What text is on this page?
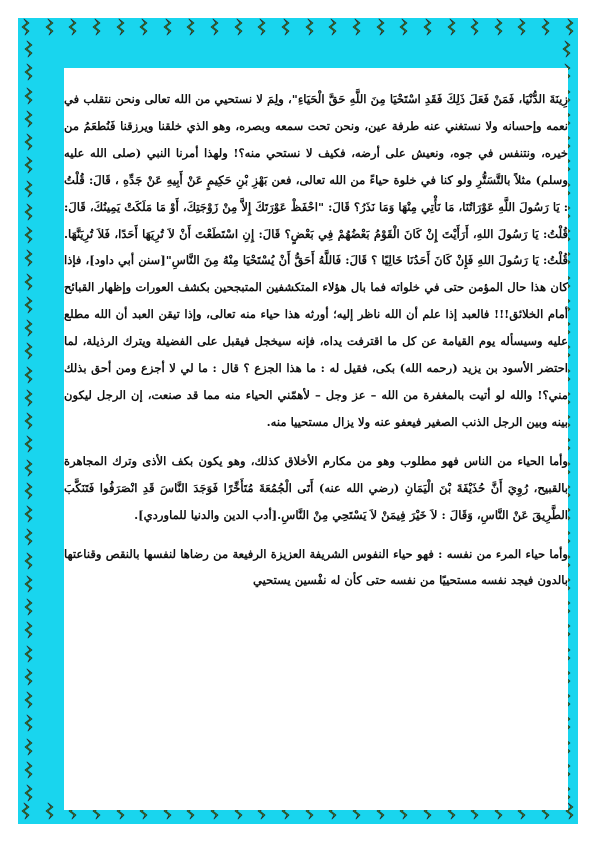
زِينَةَ الدُّنْيَا، فَمَنْ فَعَلَ ذَلِكَ فَقَدِ اسْتَحْيَا مِنَ اللَّهِ حَقَّ الْحَيَاءِ"، ولِمَ لا نستحيي من الله تعالى ونحن نتقلب في نعمه وإحسانه ولا نستغني عنه طرفة عين، ونحن تحت سمعه وبصره، وهو الذي خلقنا ويرزقنا فَنُطعَمُ من خيره، ونتنفس في جوه، ونعيش على أرضه، فكيف لا نستحي منه؟! ولهذا أمرنا النبي (صلى الله عليه وسلم) مثلاً بالتَّسَتُّرِ ولو كنا في خلوة حياءً من الله تعالى، فعن بَهْزِ بْنِ حَكِيمٍ عَنْ أَبِيهِ عَنْ جَدِّهِ ، قَالَ: قُلْتُ : يَا رَسُولَ اللَّهِ عَوْرَاتُنَا، مَا نَأْتِي مِنْهَا وَمَا نَذَرُ؟ قَالَ: "احْفَظْ عَوْرَتَكَ إِلاَّ مِنْ زَوْجَتِكَ، أَوْ مَا مَلَكَتْ يَمِينُكَ، قَالَ: قُلْتُ: يَا رَسُولَ اللهِ، أَرَأَيْتَ إِنْ كَانَ الْقَوْمُ بَعْضُهُمْ فِي بَعْضٍ؟ قَالَ: إِنِ اسْتَطَعْتَ أَنْ لاَ تُرِيَهَا أَحَدًا، فَلاَ تُرِيَنَّهَا. قُلْتُ: يَا رَسُولَ اللهِ فَإِنْ كَانَ أَحَدُنَا خَالِيًا ؟ قَالَ: فَاللَّهُ أَحَقُّ أَنْ يُسْتَحْيَا مِنْهُ مِنَ النَّاسِ"[سنن أبي داود]، فإذا كان هذا حال المؤمن حتى في خلواته فما بال هؤلاء المتكشفين المتبجحين بكشف العورات وإظهار القبائح أمام الخلائق!!! فالعبد إذا علم أن الله ناظر إليه؛ أورثه هذا حياء منه تعالى، وإذا تيقن العبد أن الله مطلع عليه وسيسأله يوم القيامة عن كل ما اقترفت يداه، فإنه سيخجل فيقبل على الفضيلة ويترك الرذيلة، لما احتضر الأسود بن يزيد (رحمه الله) بكى، فقيل له : ما هذا الجزع ؟ قال : ما لي لا أجزع ومن أحق بذلك مني؟! والله لو أتيت بالمغفرة من الله – عز وجل – لأهمّني الحياء منه مما قد صنعت، إن الرجل ليكون بينه وبين الرجل الذنب الصغير فيعفو عنه ولا يزال مستحييا منه.

وأما الحياء من الناس فهو مطلوب وهو من مكارم الأخلاق كذلك، وهو يكون بكف الأذى وترك المجاهرة بالقبيح، رُوِيَ أَنَّ حُذَيْفَةَ بْنَ الْيَمَانِ (رضي الله عنه) أَتَى الْجُمُعَةَ مُتَأَخِّرًا فَوَجَدَ النَّاسَ قَدِ انْصَرَفُوا فَتَنَكَّبَ الطَّرِيقَ عَنْ النَّاسِ، وَقَالَ : لاَ خَيْرَ فِيمَنْ لاَ يَسْتَحِي مِنْ النَّاسِ.[أدب الدين والدنيا للماوردي].

وأما حياء المرء من نفسه : فهو حياء النفوس الشريفة العزيزة الرفيعة من رضاها لنفسها بالنقص وقناعتها بالدون فيجد نفسه مستحييًا من نفسه حتى كأن له نفْسين يستحيي
